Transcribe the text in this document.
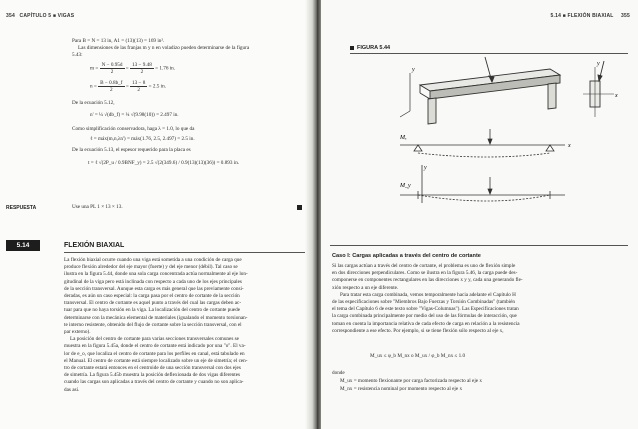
354 CAPÍTULO 5 ■ VIGAS
Para B = N = 13 in, A1 = (13)(13) = 169 in².
Las dimensiones de las franjas m y n en voladizo pueden determinarse de la figura
5.43:
$m = \frac{N - 0.95d}{2} = \frac{13 - 9.48}{2} = 1.76$ in.
$n = \frac{B - 0.8b\_f}{2} = \frac{13 - 8}{2} = 2.5$ in.
De la ecuación 5.12,
n' = ¼ √(db_f) = ¼ √(9.98(10)) = 2.497 in.
Como simplificación conservadora, haga λ = 1.0, lo que da
ℓ = máx(m,n,λn') = máx(1.76, 2.5, 2.497) = 2.5 in.
De la ecuación 5.13, el espesor requerido para la placa es
t = ℓ √(2P_u / 0.9BNF_y) = 2.5 √(2(349.6) / 0.9(13)(13)(36)) = 0.893 in.
RESPUESTA	Use una PL 1 × 13 × 13.
5.14	FLEXIÓN BIAXIAL
La flexión biaxial ocurre cuando una viga está sometida a una condición de carga que
produce flexión alrededor del eje mayor (fuerte) y del eje menor (débil). Tal caso se
ilustra en la figura 5.44, donde una sola carga concentrada actúa normalmente al eje lon-
gitudinal de la viga pero está inclinada con respecto a cada uno de los ejes principales
de la sección transversal. Aunque esta carga es más general que las previamente consi-
deradas, es aún un caso especial: la carga pasa por el centro de cortante de la sección
transversal. El centro de cortante es aquel punto a través del cual las cargas deben ac-
tuar para que no haya torsión en la viga. La localización del centro de cortante puede
determinarse con la mecánica elemental de materiales (igualando el momento torsionan-
te interno resistente, obtenido del flujo de cortante sobre la sección transversal, con el
par externo).
La posición del centro de cortante para varias secciones transversales comunes se
muestra en la figura 5.45a, donde el centro de cortante está indicado por una "o". El va-
lor de e_o, que localiza el centro de cortante para los perfiles en canal, está tabulado en
el Manual. El centro de cortante está siempre localizado sobre un eje de simetría; el cen-
tro de cortante estará entonces en el centroide de una sección transversal con dos ejes
de simetría. La figura 5.45b muestra la posición deflexionada de dos vigas diferentes
cuando las cargas son aplicadas a través del centro de cortante y cuando no son aplica-
das así.
5.14 ■ FLEXIÓN BIAXIAL 355
FIGURA 5.44
y
y
x
Mₓ
x
M_y
y
Caso I: Cargas aplicadas a través del centro de cortante
Si las cargas actúan a través del centro de cortante, el problema es uno de flexión simple
en dos direcciones perpendiculares. Como se ilustra en la figura 5.46, la carga puede des-
componerse en componentes rectangulares en las direcciones x y y, cada una generando fle-
xión respecto a un eje diferente.
Para tratar esta carga combinada, vemos temporalmente hacia adelante el Capítulo H
de las especificaciones sobre "Miembros Bajo Fuerzas y Torsión Combinadas" (también
el tema del Capítulo 6 de este texto sobre "Vigas-Columnas"). Las Especificaciones tratan
la carga combinada principalmente por medio del uso de las fórmulas de interacción, que
toman en cuenta la importancia relativa de cada efecto de carga en relación a la resistencia
correspondiente a ese efecto. Por ejemplo, si se tiene flexión sólo respecto al eje x,
M_ux ≤ φ_b M_nx o M_ux / φ_b M_nx ≤ 1.0
donde
M_ux = momento flexionante por carga factorizada respecto al eje x
M_nx = resistencia nominal por momento respecto al eje x
